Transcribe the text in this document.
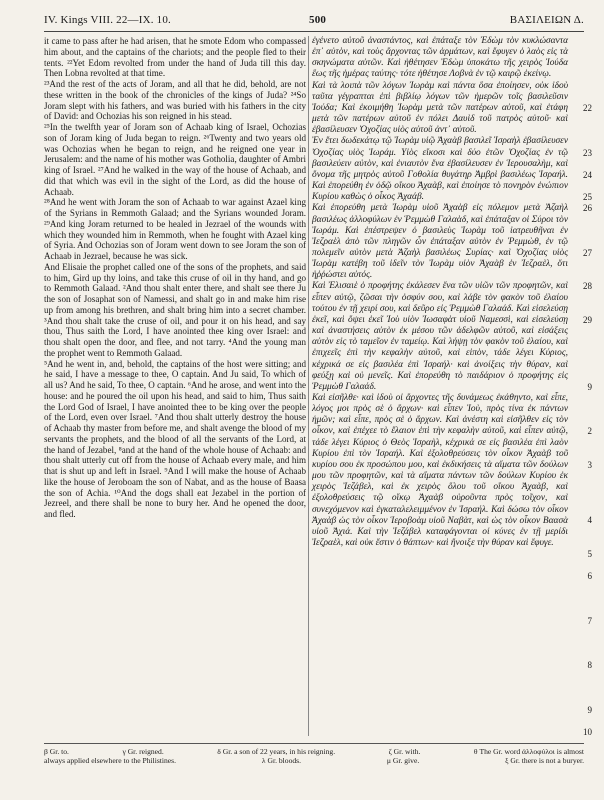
IV. Kings VIII. 22—IX. 10.	500	ΒΑΣΙΛΕΙΩΝ Δ.

it came to pass after he had arisen, that he smote Edom who compassed him about, and the captains of the chariots; and the people fled to their tents. ²²Yet Edom revolted from under the hand of Juda till this day. Then Lobna revolted at that time.

²³And the rest of the acts of Joram, and all that he did, behold, are not these written in the book of the chronicles of the kings of Juda? ²⁴So Joram slept with his fathers, and was buried with his fathers in the city of David: and Ochozias his son reigned in his stead.

²⁵In the twelfth year of Joram son of Achaab king of Israel, Ochozias son of Joram king of Juda began to reign. ²⁶Twenty and two years old was Ochozias when he began to reign, and he reigned one year in Jerusalem: and the name of his mother was Gotholia, daughter of Ambri king of Israel. ²⁷And he walked in the way of the house of Achaab, and did that which was evil in the sight of the Lord, as did the house of Achaab.

²⁸And he went with Joram the son of Achaab to war against Azael king of the Syrians in Remmoth Galaad; and the Syrians wounded Joram. ²⁹And king Joram returned to be healed in Jezrael of the wounds with which they wounded him in Remmoth, when he fought with Azael king of Syria. And Ochozias son of Joram went down to see Joram the son of Achaab in Jezrael, because he was sick.

And Elisaie the prophet called one of the sons of the prophets, and said to him, Gird up thy loins, and take this cruse of oil in thy hand, and go to Remmoth Galaad. ²And thou shalt enter there, and shalt see there Ju the son of Josaphat son of Namessi, and shalt go in and make him rise up from among his brethren, and shalt bring him into a secret chamber. ³And thou shalt take the cruse of oil, and pour it on his head, and say thou, Thus saith the Lord, I have anointed thee king over Israel: and thou shalt open the door, and flee, and not tarry. ⁴And the young man the prophet went to Remmoth Galaad.

⁵And he went in, and, behold, the captains of the host were sitting; and he said, I have a message to thee, O captain. And Ju said, To which of all us? And he said, To thee, O captain. ⁶And he arose, and went into the house: and he poured the oil upon his head, and said to him, Thus saith the Lord God of Israel, I have anointed thee to be king over the people of the Lord, even over Israel. ⁷And thou shalt utterly destroy the house of Achaab thy master from before me, and shalt avenge the blood of my servants the prophets, and the blood of all the servants of the Lord, at the hand of Jezabel, ⁸and at the hand of the whole house of Achaab: and thou shalt utterly cut off from the house of Achaab every male, and him that is shut up and left in Israel. ⁹And I will make the house of Achaab like the house of Jeroboam the son of Nabat, and as the house of Baasa the son of Achia. ¹⁰And the dogs shall eat Jezabel in the portion of Jezreel, and there shall be none to bury her. And he opened the door, and fled.

ἐγένετο αὐτοῦ ἀναστάντος, καὶ ἐπάταξε τὸν Ἐδὼμ τὸν κυκλώσαντα ἐπ᾿ αὐτὸν, καὶ τοὺς ἄρχοντας τῶν ἁρμάτων, καὶ ἔφυγεν ὁ λαὸς εἰς τὰ σκηνώματα αὐτῶν. Καὶ ἠθέτησεν Ἐδὼμ ὑποκάτω τῆς χειρὸς Ἰούδα ἕως τῆς ἡμέρας ταύτης· τότε ἠθέτησε Λοβνὰ ἐν τῷ καιρῷ ἐκείνῳ.

Καὶ τὰ λοιπὰ τῶν λόγων Ἰωρὰμ καὶ πάντα ὅσα ἐποίησεν, οὐκ ἰδοὺ ταῦτα γέγραπται ἐπὶ βιβλίῳ λόγων τῶν ἡμερῶν τοῖς βασιλεῦσιν Ἰούδα; Καὶ ἐκοιμήθη Ἰωρὰμ μετὰ τῶν πατέρων αὐτοῦ, καὶ ἐτάφη μετὰ τῶν πατέρων αὐτοῦ ἐν πόλει Δαυὶδ τοῦ πατρὸς αὐτοῦ· καὶ ἐβασίλευσεν Ὀχοζίας υἱὸς αὐτοῦ ἀντ᾿ αὐτοῦ.

Ἐν ἔτει δωδεκάτῳ τῷ Ἰωρὰμ υἱῷ Ἀχαὰβ βασιλεῖ Ἰσραὴλ ἐβασίλευσεν Ὀχοζίας υἱὸς Ἰωράμ. Υἱὸς εἴκοσι καὶ δύο ἐτῶν Ὀχοζίας ἐν τῷ βασιλεύειν αὐτὸν, καὶ ἐνιαυτὸν ἕνα ἐβασίλευσεν ἐν Ἱερουσαλὴμ, καὶ ὄνομα τῆς μητρὸς αὐτοῦ Γοθολία θυγάτηρ Ἀμβρὶ βασιλέως Ἰσραήλ. Καὶ ἐπορεύθη ἐν ὁδῷ οἴκου Ἀχαὰβ, καὶ ἐποίησε τὸ πονηρὸν ἐνώπιον Κυρίου καθὼς ὁ οἶκος Ἀχαάβ.

Καὶ ἐπορεύθη μετὰ Ἰωρὰμ υἱοῦ Ἀχαὰβ εἰς πόλεμον μετὰ Ἀζαὴλ βασιλέως ἀλλοφύλων ἐν Ῥεμμὼθ Γαλαὰδ, καὶ ἐπάταξαν οἱ Σύροι τὸν Ἰωράμ. Καὶ ἐπέστρεψεν ὁ βασιλεὺς Ἰωρὰμ τοῦ ἰατρευθῆναι ἐν Ἰεζραὲλ ἀπὸ τῶν πληγῶν ὧν ἐπάταξαν αὐτὸν ἐν Ῥεμμὼθ, ἐν τῷ πολεμεῖν αὐτὸν μετὰ Ἀζαὴλ βασιλέως Συρίας· καὶ Ὀχοζίας υἱὸς Ἰωρὰμ κατέβη τοῦ ἰδεῖν τὸν Ἰωρὰμ υἱὸν Ἀχαὰβ ἐν Ἰεζραὲλ, ὅτι ἠῤῥώστει αὐτός.

Καὶ Ἐλισαιὲ ὁ προφήτης ἐκάλεσεν ἕνα τῶν υἱῶν τῶν προφητῶν, καὶ εἶπεν αὐτῷ, ζῶσαι τὴν ὀσφύν σου, καὶ λάβε τὸν φακὸν τοῦ ἐλαίου τούτου ἐν τῇ χειρί σου, καὶ δεῦρο εἰς Ῥεμμὼθ Γαλαάδ. Καὶ εἰσελεύσῃ ἐκεῖ, καὶ ὄψει ἐκεῖ Ἰοὺ υἱὸν Ἰωσαφὰτ υἱοῦ Ναμεσσὶ, καὶ εἰσελεύσῃ καὶ ἀναστήσεις αὐτὸν ἐκ μέσου τῶν ἀδελφῶν αὐτοῦ, καὶ εἰσάξεις αὐτὸν εἰς τὸ ταμεῖον ἐν ταμείῳ. Καὶ λήψῃ τὸν φακὸν τοῦ ἐλαίου, καὶ ἐπιχεεῖς ἐπὶ τὴν κεφαλὴν αὐτοῦ, καὶ εἰπὸν, τάδε λέγει Κύριος, κέχρικά σε εἰς βασιλέα ἐπὶ Ἰσραήλ· καὶ ἀνοίξεις τὴν θύραν, καὶ φεύξῃ καὶ οὐ μενεῖς. Καὶ ἐπορεύθη τὸ παιδάριον ὁ προφήτης εἰς Ῥεμμὼθ Γαλαάδ.

Καὶ εἰσῆλθε· καὶ ἰδοὺ οἱ ἄρχοντες τῆς δυνάμεως ἐκάθηντο, καὶ εἶπε, λόγος μοι πρὸς σὲ ὁ ἄρχων· καὶ εἶπεν Ἰοὺ, πρὸς τίνα ἐκ πάντων ἡμῶν; καὶ εἶπε, πρὸς σὲ ὁ ἄρχων. Καὶ ἀνέστη καὶ εἰσῆλθεν εἰς τὸν οἶκον, καὶ ἐπέχεε τὸ ἔλαιον ἐπὶ τὴν κεφαλὴν αὐτοῦ, καὶ εἶπεν αὐτῷ, τάδε λέγει Κύριος ὁ Θεὸς Ἰσραὴλ, κέχρικά σε εἰς βασιλέα ἐπὶ λαὸν Κυρίου ἐπὶ τὸν Ἰσραήλ. Καὶ ἐξολοθρεύσεις τὸν οἶκον Ἀχαὰβ τοῦ κυρίου σου ἐκ προσώπου μου, καὶ ἐκδικήσεις τὰ αἵματα τῶν δούλων μου τῶν προφητῶν, καὶ τὰ αἵματα πάντων τῶν δούλων Κυρίου ἐκ χειρὸς Ἰεζάβελ, καὶ ἐκ χειρὸς ὅλου τοῦ οἴκου Ἀχαὰβ, καὶ ἐξολοθρεύσεις τῷ οἴκῳ Ἀχαὰβ οὐροῦντα πρὸς τοῖχον, καὶ συνεχόμενον καὶ ἐγκαταλελειμμένον ἐν Ἰσραήλ. Καὶ δώσω τὸν οἶκον Ἀχαὰβ ὡς τὸν οἶκον Ἱεροβοὰμ υἱοῦ Ναβὰτ, καὶ ὡς τὸν οἶκον Βαασὰ υἱοῦ Ἀχιά. Καὶ τὴν Ἰεζάβελ καταφάγονται οἱ κύνες ἐν τῇ μερίδι Ἰεζραὲλ, καὶ οὐκ ἔστιν ὁ θάπτων· καὶ ἤνοιξε τὴν θύραν καὶ ἔφυγε.

22
23
24
25
26
27
28
29
9
2
3
4
5
6
7
8
9
10
β Gr. to.	γ Gr. reigned.	δ Gr. a son of 22 years, in his reigning.	ζ Gr. with.	θ The Gr. word ἀλλοφύλοι is almost
always applied elsewhere to the Philistines.	λ Gr. bloods.	μ Gr. give.	ξ Gr. there is not a buryer.
